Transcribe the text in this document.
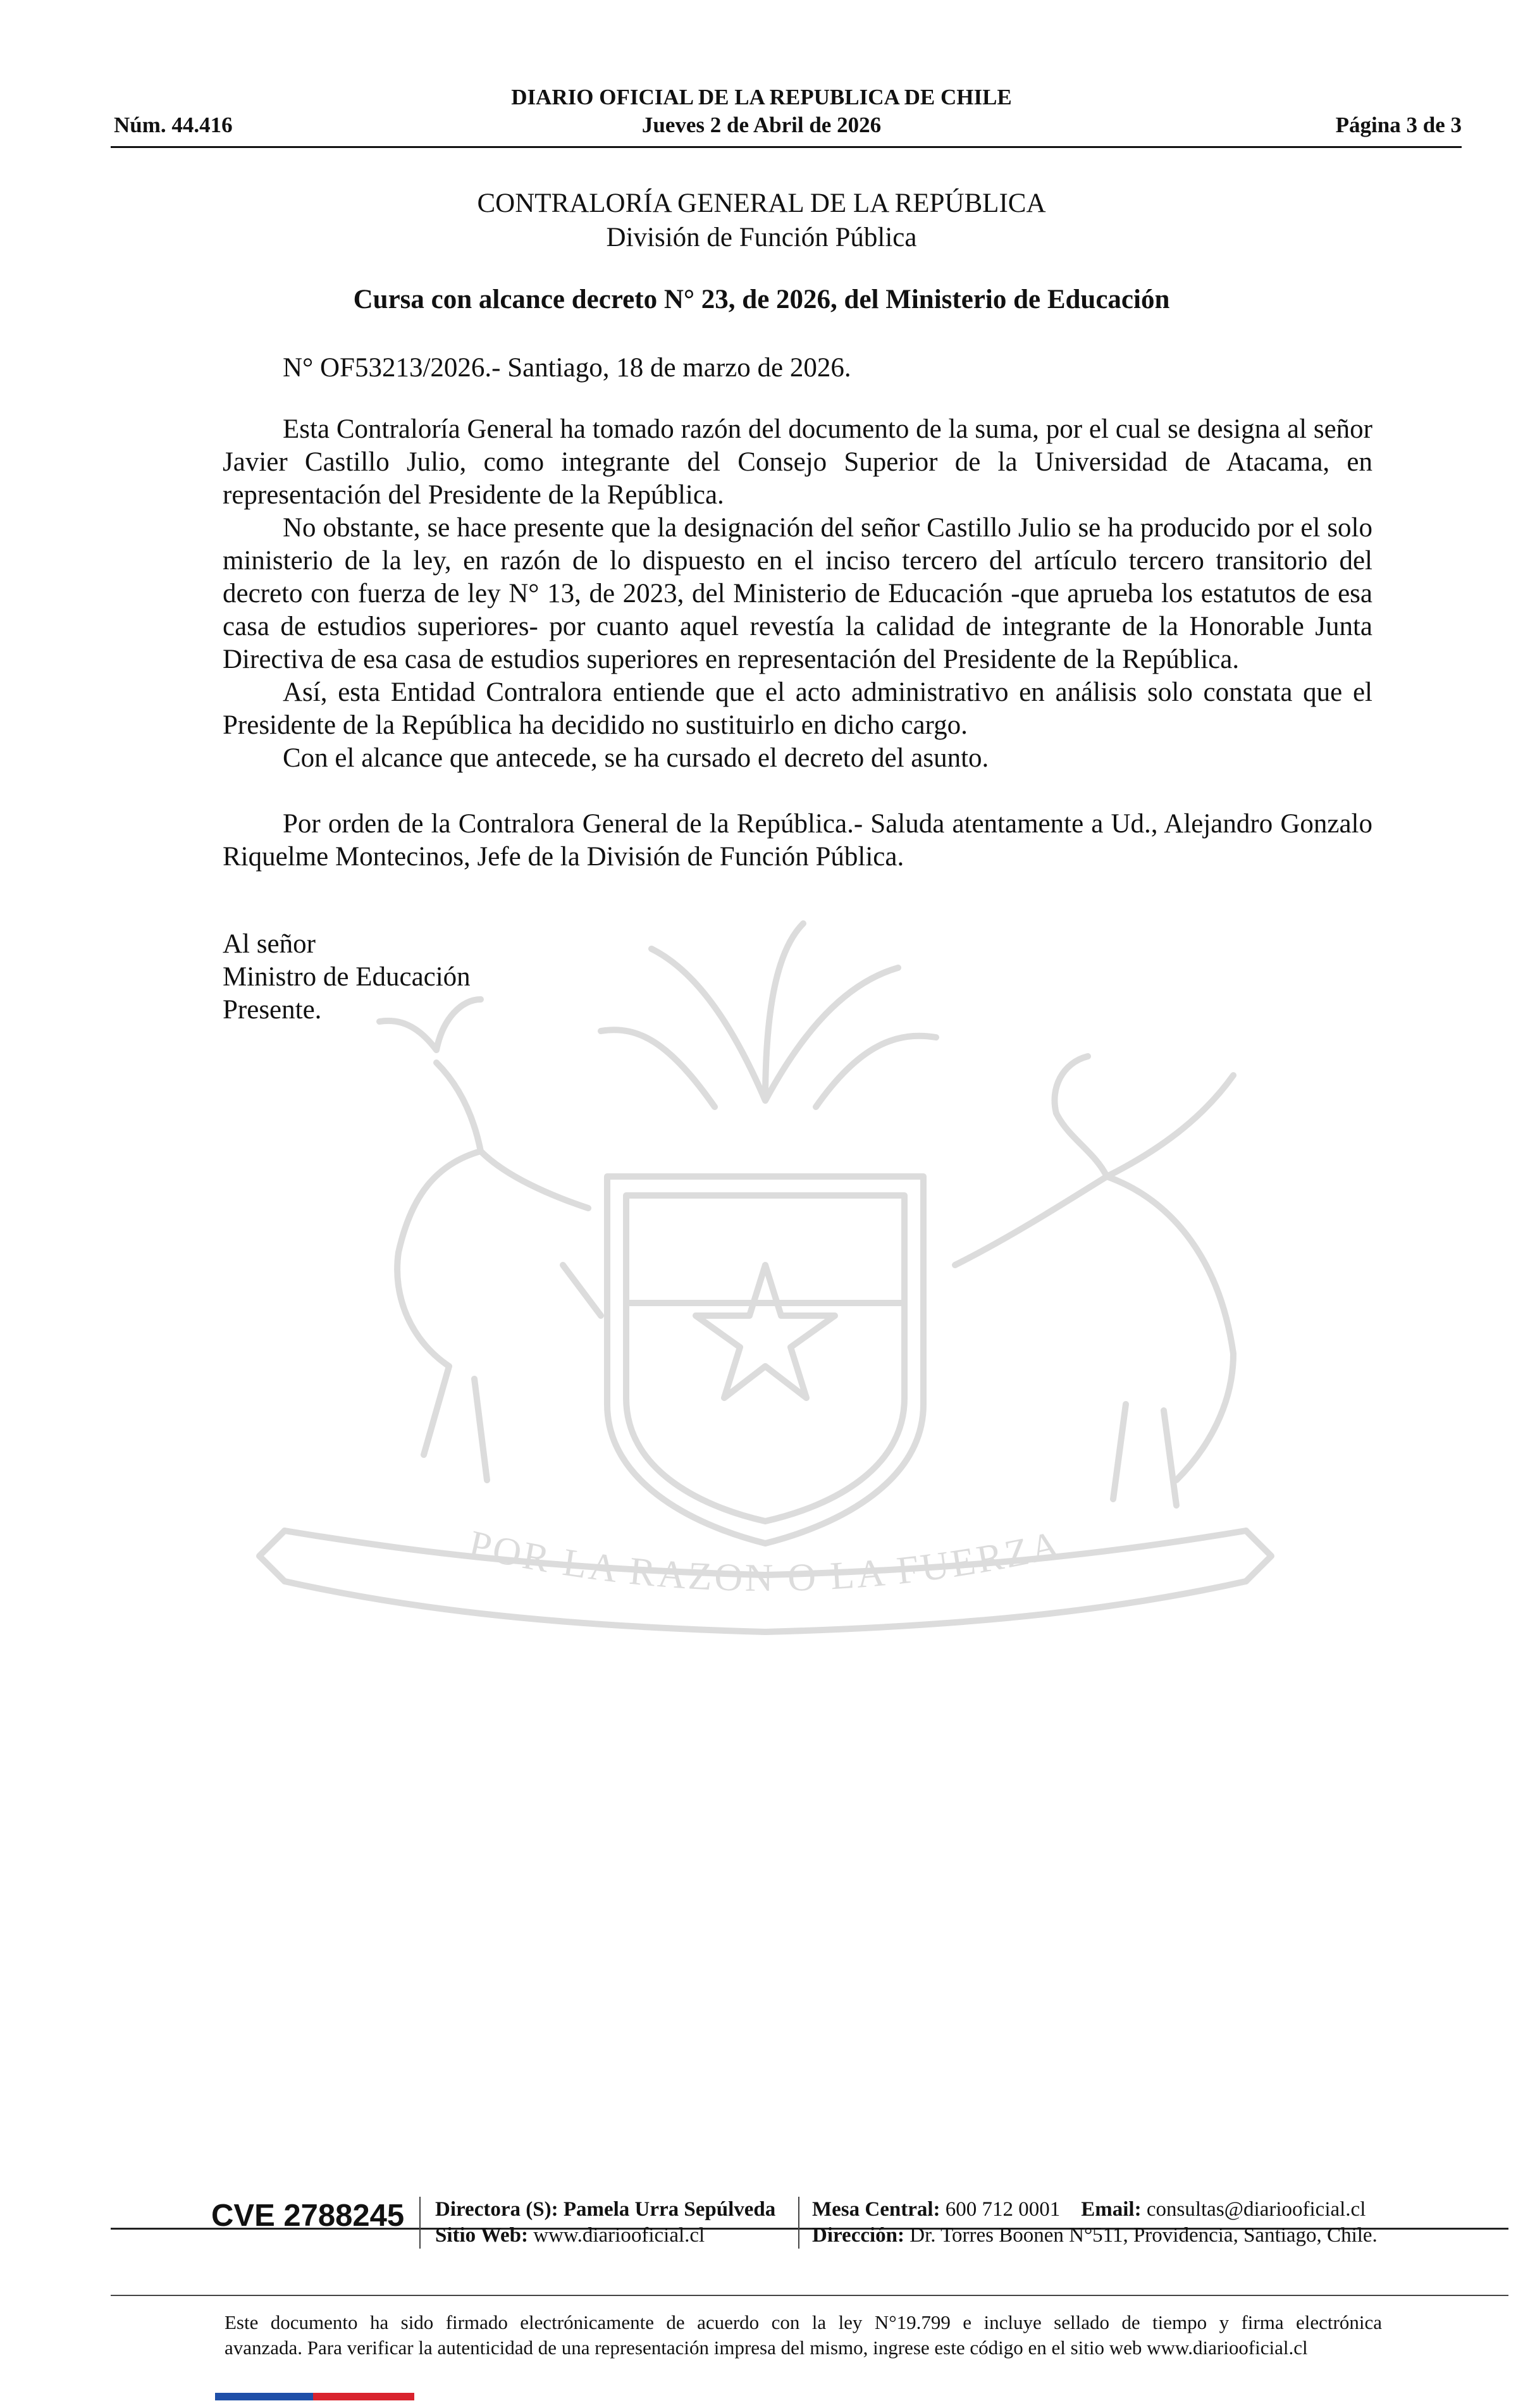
DIARIO OFICIAL DE LA REPUBLICA DE CHILE
Núm. 44.416	Jueves 2 de Abril de 2026	Página 3 de 3
POR LA RAZON O LA FUERZA
CONTRALORÍA GENERAL DE LA REPÚBLICA
División de Función Pública
Cursa con alcance decreto N° 23, de 2026, del Ministerio de Educación
N° OF53213/2026.- Santiago, 18 de marzo de 2026.

Esta Contraloría General ha tomado razón del documento de la suma, por el cual se designa al señor Javier Castillo Julio, como integrante del Consejo Superior de la Universidad de Atacama, en representación del Presidente de la República.

No obstante, se hace presente que la designación del señor Castillo Julio se ha producido por el solo ministerio de la ley, en razón de lo dispuesto en el inciso tercero del artículo tercero transitorio del decreto con fuerza de ley N° 13, de 2023, del Ministerio de Educación -que aprueba los estatutos de esa casa de estudios superiores- por cuanto aquel revestía la calidad de integrante de la Honorable Junta Directiva de esa casa de estudios superiores en representación del Presidente de la República.

Así, esta Entidad Contralora entiende que el acto administrativo en análisis solo constata que el Presidente de la República ha decidido no sustituirlo en dicho cargo.

Con el alcance que antecede, se ha cursado el decreto del asunto.

Por orden de la Contralora General de la República.- Saluda atentamente a Ud., Alejandro Gonzalo Riquelme Montecinos, Jefe de la División de Función Pública.

Al señor
Ministro de Educación
Presente.
CVE 2788245 Directora (S): Pamela Urra Sepúlveda
Sitio Web: www.diariooficial.cl
Mesa Central: 600 712 0001 Email: consultas@diariooficial.cl
Dirección: Dr. Torres Boonen N°511, Providencia, Santiago, Chile.
Este documento ha sido firmado electrónicamente de acuerdo con la ley N°19.799 e incluye sellado de tiempo y firma electrónica
avanzada. Para verificar la autenticidad de una representación impresa del mismo, ingrese este código en el sitio web www.diariooficial.cl
